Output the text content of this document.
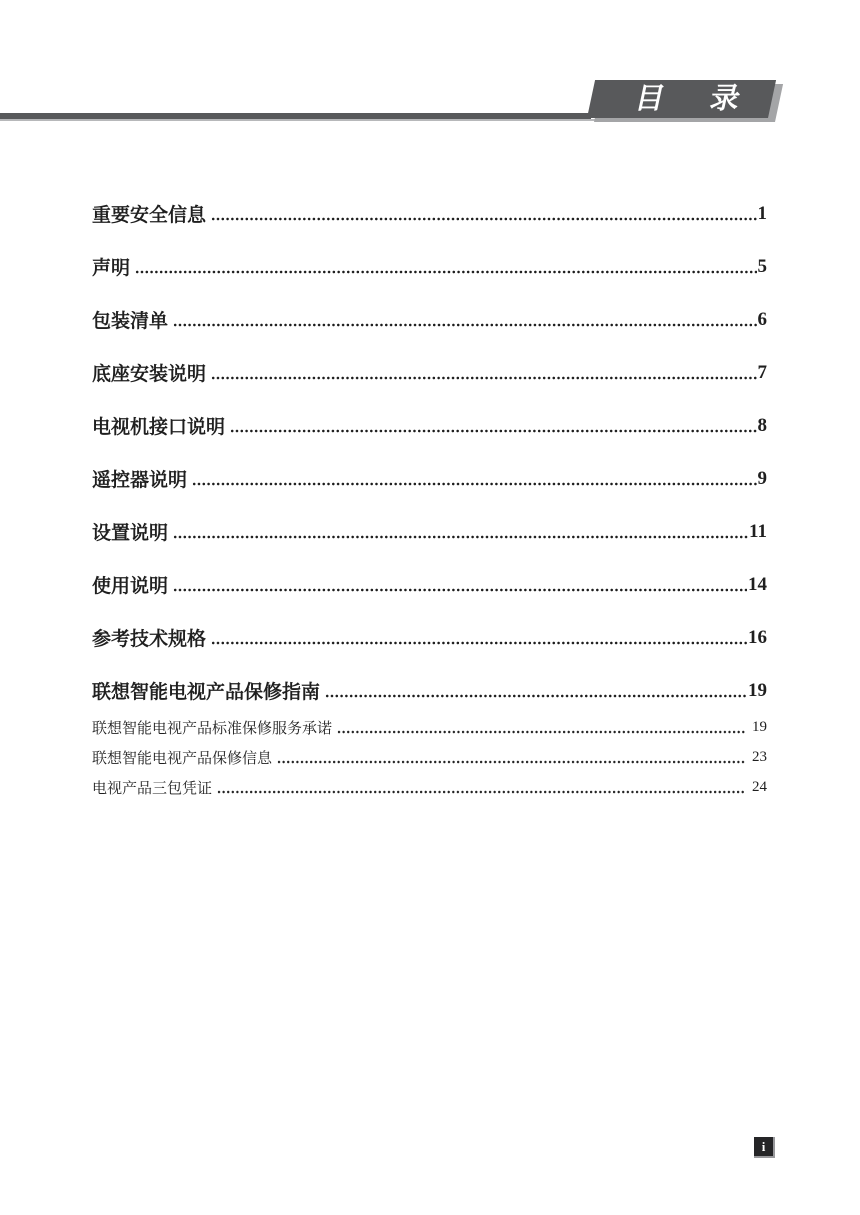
目 录
重要安全信息	1
声明	5
包装清单	6
底座安装说明	7
电视机接口说明	8
遥控器说明	9
设置说明	11
使用说明	14
参考技术规格	16
联想智能电视产品保修指南	19
联想智能电视产品标准保修服务承诺	19
联想智能电视产品保修信息	23
电视产品三包凭证	24
i
